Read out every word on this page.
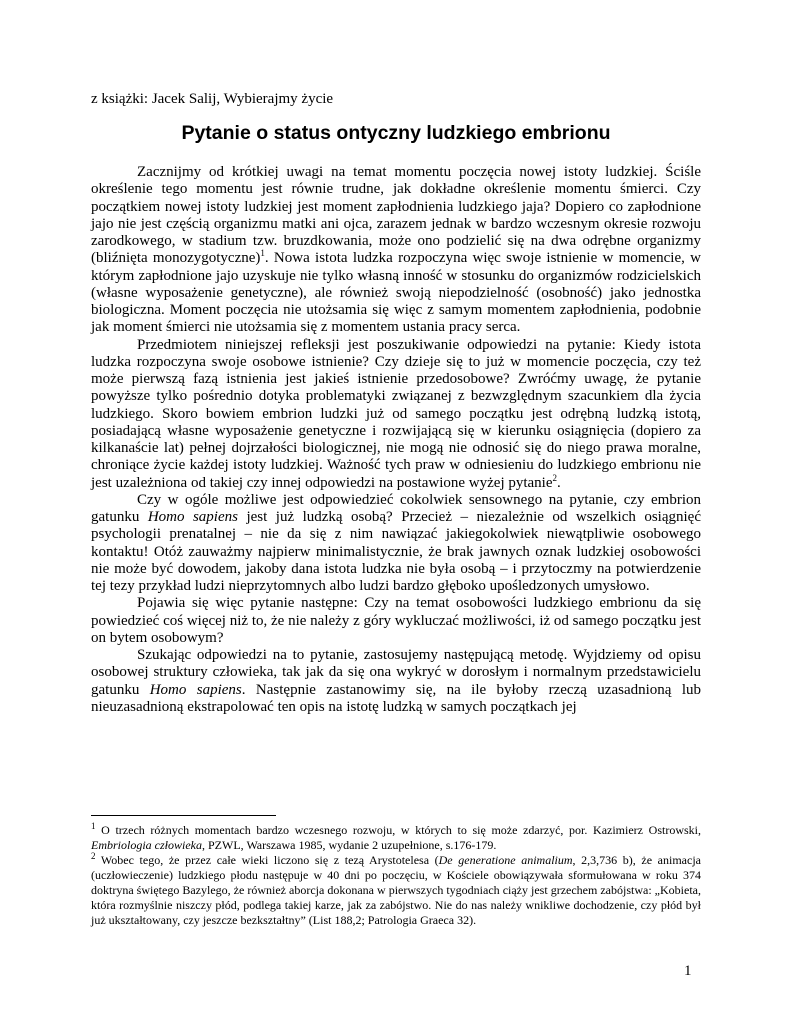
z książki: Jacek Salij, Wybierajmy życie

Pytanie o status ontyczny ludzkiego embrionu

Zacznijmy od krótkiej uwagi na temat momentu poczęcia nowej istoty ludzkiej. Ściśle określenie tego momentu jest równie trudne, jak dokładne określenie momentu śmierci. Czy początkiem nowej istoty ludzkiej jest moment zapłodnienia ludzkiego jaja? Dopiero co zapłodnione jajo nie jest częścią organizmu matki ani ojca, zarazem jednak w bardzo wczesnym okresie rozwoju zarodkowego, w stadium tzw. bruzdkowania, może ono podzielić się na dwa odrębne organizmy (bliźnięta monozygotyczne)$^1$. Nowa istota ludzka rozpoczyna więc swoje istnienie w momencie, w którym zapłodnione jajo uzyskuje nie tylko własną inność w stosunku do organizmów rodzicielskich (własne wyposażenie genetyczne), ale również swoją niepodzielność (osobność) jako jednostka biologiczna. Moment poczęcia nie utożsamia się więc z samym momentem zapłodnienia, podobnie jak moment śmierci nie utożsamia się z momentem ustania pracy serca.

Przedmiotem niniejszej refleksji jest poszukiwanie odpowiedzi na pytanie: Kiedy istota ludzka rozpoczyna swoje osobowe istnienie? Czy dzieje się to już w momencie poczęcia, czy też może pierwszą fazą istnienia jest jakieś istnienie przedosobowe? Zwróćmy uwagę, że pytanie powyższe tylko pośrednio dotyka problematyki związanej z bezwzględnym szacunkiem dla życia ludzkiego. Skoro bowiem embrion ludzki już od samego początku jest odrębną ludzką istotą, posiadającą własne wyposażenie genetyczne i rozwijającą się w kierunku osiągnięcia (dopiero za kilkanaście lat) pełnej dojrzałości biologicznej, nie mogą nie odnosić się do niego prawa moralne, chroniące życie każdej istoty ludzkiej. Ważność tych praw w odniesieniu do ludzkiego embrionu nie jest uzależniona od takiej czy innej odpowiedzi na postawione wyżej pytanie$^2$.

Czy w ogóle możliwe jest odpowiedzieć cokolwiek sensownego na pytanie, czy embrion gatunku Homo sapiens jest już ludzką osobą? Przecież – niezależnie od wszelkich osiągnięć psychologii prenatalnej – nie da się z nim nawiązać jakiegokolwiek niewątpliwie osobowego kontaktu! Otóż zauważmy najpierw minimalistycznie, że brak jawnych oznak ludzkiej osobowości nie może być dowodem, jakoby dana istota ludzka nie była osobą – i przytoczmy na potwierdzenie tej tezy przykład ludzi nieprzytomnych albo ludzi bardzo głęboko upośledzonych umysłowo.

Pojawia się więc pytanie następne: Czy na temat osobowości ludzkiego embrionu da się powiedzieć coś więcej niż to, że nie należy z góry wykluczać możliwości, iż od samego początku jest on bytem osobowym?

Szukając odpowiedzi na to pytanie, zastosujemy następującą metodę. Wyjdziemy od opisu osobowej struktury człowieka, tak jak da się ona wykryć w dorosłym i normalnym przedstawicielu gatunku Homo sapiens. Następnie zastanowimy się, na ile byłoby rzeczą uzasadnioną lub nieuzasadnioną ekstrapolować ten opis na istotę ludzką w samych początkach jej

$^1$ O trzech różnych momentach bardzo wczesnego rozwoju, w których to się może zdarzyć, por. Kazimierz Ostrowski, Embriologia człowieka, PZWL, Warszawa 1985, wydanie 2 uzupełnione, s.176-179.

$^2$ Wobec tego, że przez całe wieki liczono się z tezą Arystotelesa (De generatione animalium, 2,3,736 b), że animacja (uczłowieczenie) ludzkiego płodu następuje w 40 dni po poczęciu, w Kościele obowiązywała sformułowana w roku 374 doktryna świętego Bazylego, że również aborcja dokonana w pierwszych tygodniach ciąży jest grzechem zabójstwa: „Kobieta, która rozmyślnie niszczy płód, podlega takiej karze, jak za zabójstwo. Nie do nas należy wnikliwe dochodzenie, czy płód był już ukształtowany, czy jeszcze bezkształtny” (List 188,2; Patrologia Graeca 32).

1
